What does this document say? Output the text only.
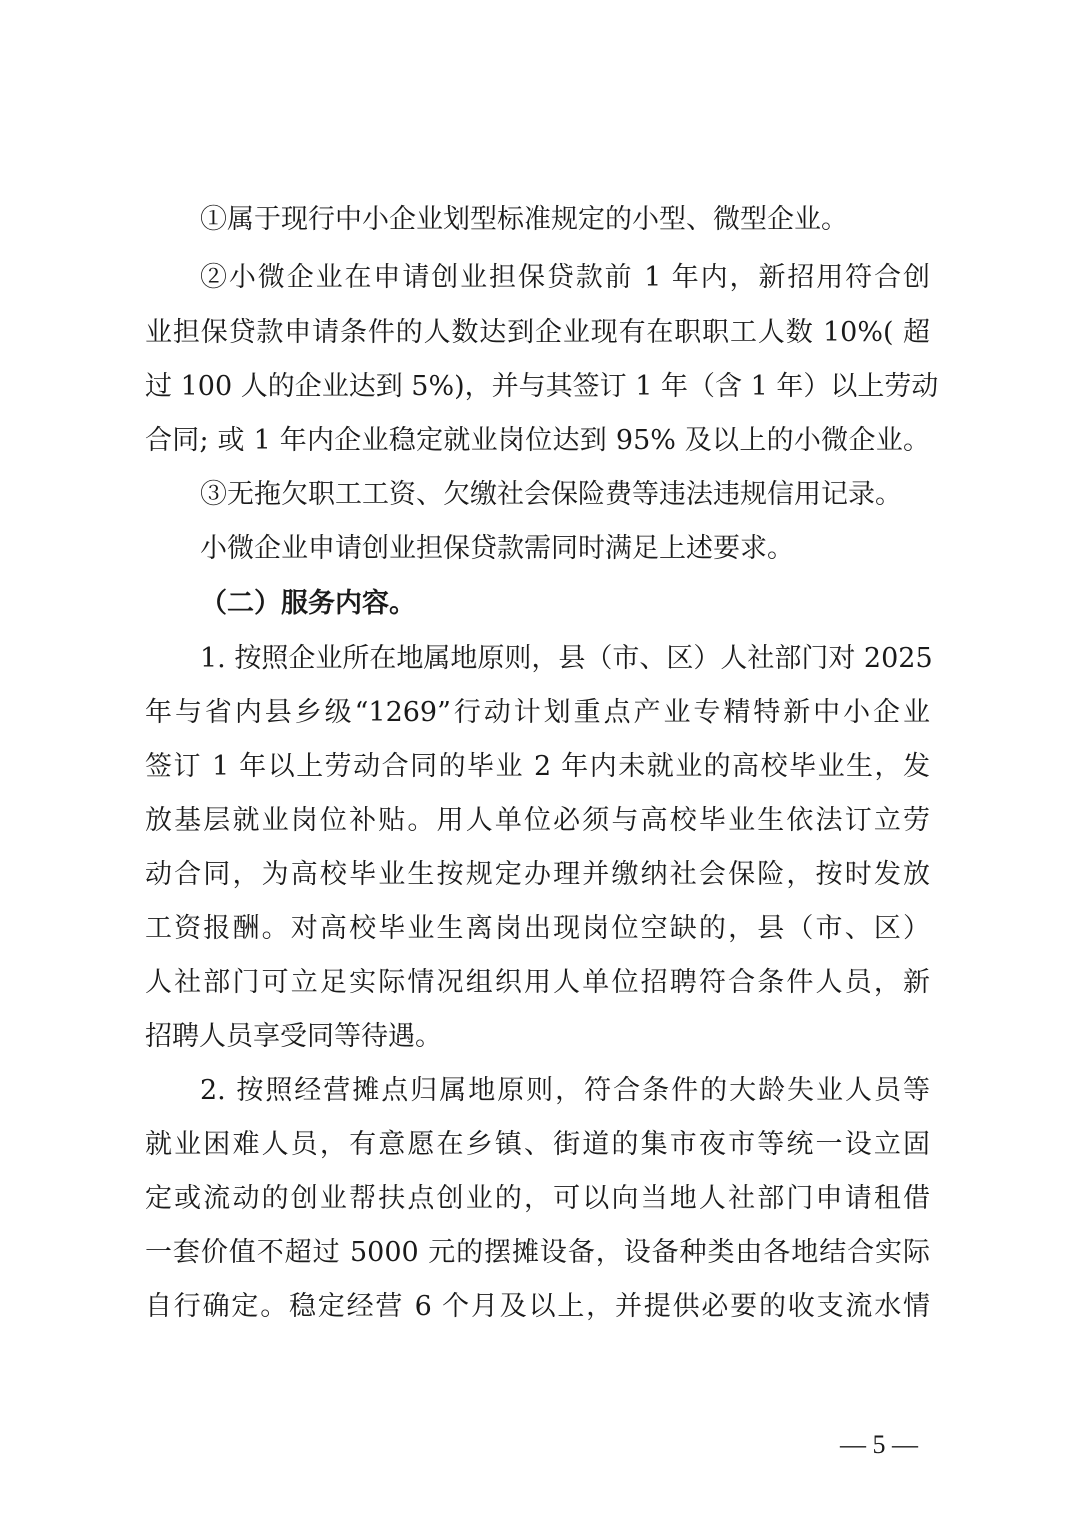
①属于现行中小企业划型标准规定的小型、微型企业。
②小微企业在申请创业担保贷款前 1 年内，新招用符合创
业担保贷款申请条件的人数达到企业现有在职职工人数 10%( 超
过 100 人的企业达到 5%)，并与其签订 1 年（含 1 年）以上劳动
合同; 或 1 年内企业稳定就业岗位达到 95% 及以上的小微企业。
③无拖欠职工工资、欠缴社会保险费等违法违规信用记录。
小微企业申请创业担保贷款需同时满足上述要求。
（二）服务内容。
1. 按照企业所在地属地原则，县（市、区）人社部门对 2025
年与省内县乡级“1269”行动计划重点产业专精特新中小企业
签订 1 年以上劳动合同的毕业 2 年内未就业的高校毕业生，发
放基层就业岗位补贴。用人单位必须与高校毕业生依法订立劳
动合同，为高校毕业生按规定办理并缴纳社会保险，按时发放
工资报酬。对高校毕业生离岗出现岗位空缺的，县（市、区）
人社部门可立足实际情况组织用人单位招聘符合条件人员，新
招聘人员享受同等待遇。
2. 按照经营摊点归属地原则，符合条件的大龄失业人员等
就业困难人员，有意愿在乡镇、街道的集市夜市等统一设立固
定或流动的创业帮扶点创业的，可以向当地人社部门申请租借
一套价值不超过 5000 元的摆摊设备，设备种类由各地结合实际
自行确定。稳定经营 6 个月及以上，并提供必要的收支流水情
— 5 —
